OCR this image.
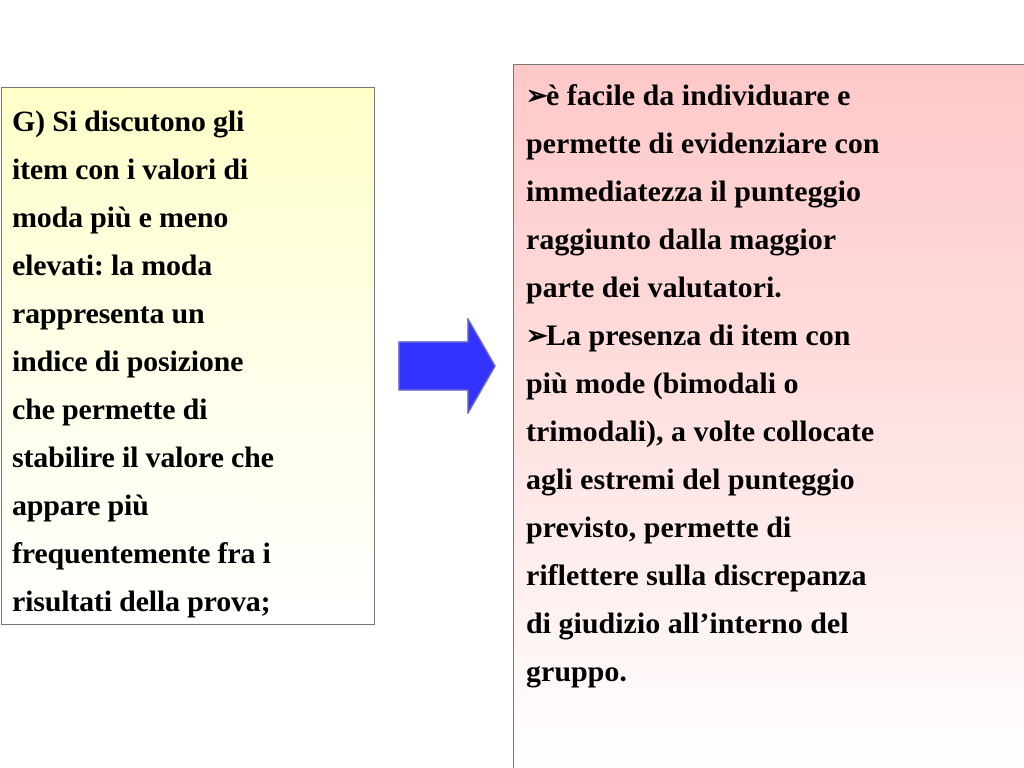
G) Si discutono gli

item con i valori di

moda più e meno

elevati: la moda

rappresenta un

indice di posizione

che permette di

stabilire il valore che

appare più

frequentemente fra i

risultati della prova;

➢è facile da individuare e
permette di evidenziare con
immediatezza il punteggio
raggiunto dalla maggior
parte dei valutatori.
➢La presenza di item con
più mode (bimodali o
trimodali), a volte collocate
agli estremi del punteggio
previsto, permette di
riflettere sulla discrepanza
di giudizio all’interno del
gruppo.
